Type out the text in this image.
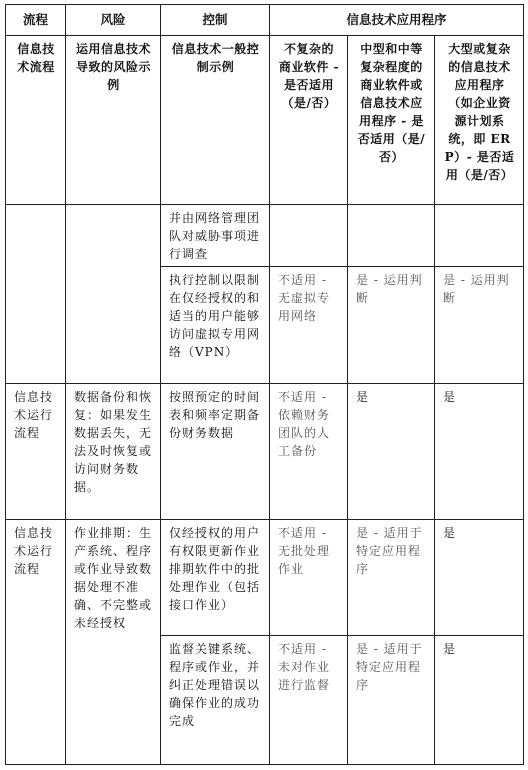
流程	风险	控制	信息技术应用程序		
信息技术流程	运用信息技术导致的风险示例	信息技术一般控制示例	不复杂的商业软件 - 是否适用（是/否）	中型和中等复杂程度的商业软件或信息技术应用程序 - 是否适用（是/否）	大型或复杂的信息技术应用程序（如企业资源计划系统，即 ERP）- 是否适用（是/否）
		并由网络管理团队对威胁事项进行调查			
		执行控制以限制在仅经授权的和适当的用户能够访问虚拟专用网络（VPN）	不适用 - 无虚拟专用网络	是 - 运用判断	是 - 运用判断
信息技术运行流程	数据备份和恢复：如果发生数据丢失，无法及时恢复或访问财务数据。	按照预定的时间表和频率定期备份财务数据	不适用 - 依赖财务团队的人工备份	是	是
信息技术运行流程	作业排期：生产系统、程序或作业导致数据处理不准确、不完整或未经授权	仅经授权的用户有权限更新作业排期软件中的批处理作业（包括接口作业）	不适用 - 无批处理作业	是 - 适用于特定应用程序	是
		监督关键系统、程序或作业，并纠正处理错误以确保作业的成功完成	不适用 - 未对作业进行监督	是 - 适用于特定应用程序	是
